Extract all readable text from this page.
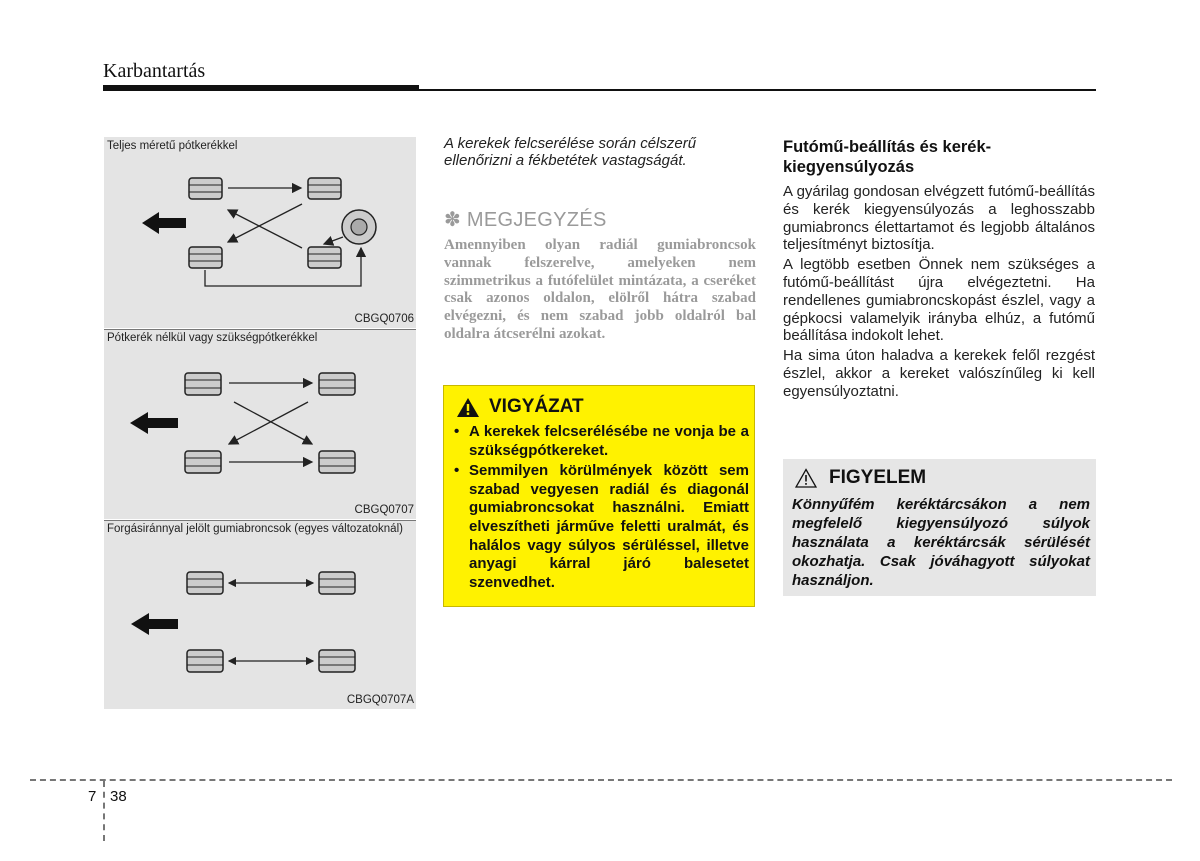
Karbantartás
Teljes méretű pótkerékkel
CBGQ0706
Pótkerék nélkül vagy szükségpótkerékkel
CBGQ0707
Forgásiránnyal jelölt gumiabroncsok (egyes változatoknál)
CBGQ0707A
A kerekek felcserélése során célszerű ellenőrizni a fékbetétek vastagságát.
✽ MEGJEGYZÉS
Amennyiben olyan radiál gumiabroncsok vannak felszerelve, amelyeken nem szimmetrikus a futófelület mintázata, a cseréket csak azonos oldalon, elölről hátra szabad elvégezni, és nem szabad jobb oldalról bal oldalra átcserélni azokat.
VIGYÁZAT
• A kerekek felcserélésébe ne vonja be a szükségpótkereket.
• Semmilyen körülmények között sem szabad vegyesen radiál és diagonál gumiabroncsokat használni. Emiatt elveszítheti járműve feletti uralmát, és halálos vagy súlyos sérüléssel, illetve anyagi kárral járó balesetet szenvedhet.
Futómű-beállítás és kerék-kiegyensúlyozás

A gyárilag gondosan elvégzett futómű-beállítás és kerék kiegyensúlyozás a leghosszabb gumiabroncs élettartamot és legjobb általános teljesítményt biztosítja.

A legtöbb esetben Önnek nem szükséges a futómű-beállítást újra elvégeztetni. Ha rendellenes gumiabroncskopást észlel, vagy a gépkocsi valamelyik irányba elhúz, a futómű beállítása indokolt lehet.

Ha sima úton haladva a kerekek felől rezgést észlel, akkor a kereket valószínűleg ki kell egyensúlyoztatni.

FIGYELEM
Könnyűfém keréktárcsákon a nem megfelelő kiegyensúlyozó súlyok használata a keréktárcsák sérülését okozhatja. Csak jóváhagyott súlyokat használjon.
7 38
